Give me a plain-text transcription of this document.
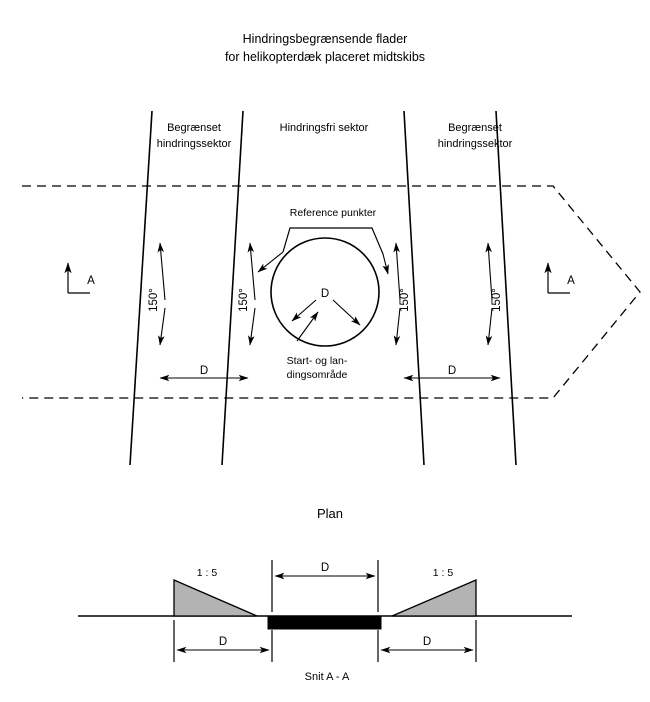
Hindringsbegrænsende flader
for helikopterdæk placeret midtskibs
Reference punkter
D
Start- og lan-
dingsområde
Begrænset
hindringssektor
Hindringsfri sektor	Begrænset
hindringssektor
150°	150°	150°	150°
D	D
A	A
Plan
1 : 5	1 : 5
D
D	D
Snit A - A
